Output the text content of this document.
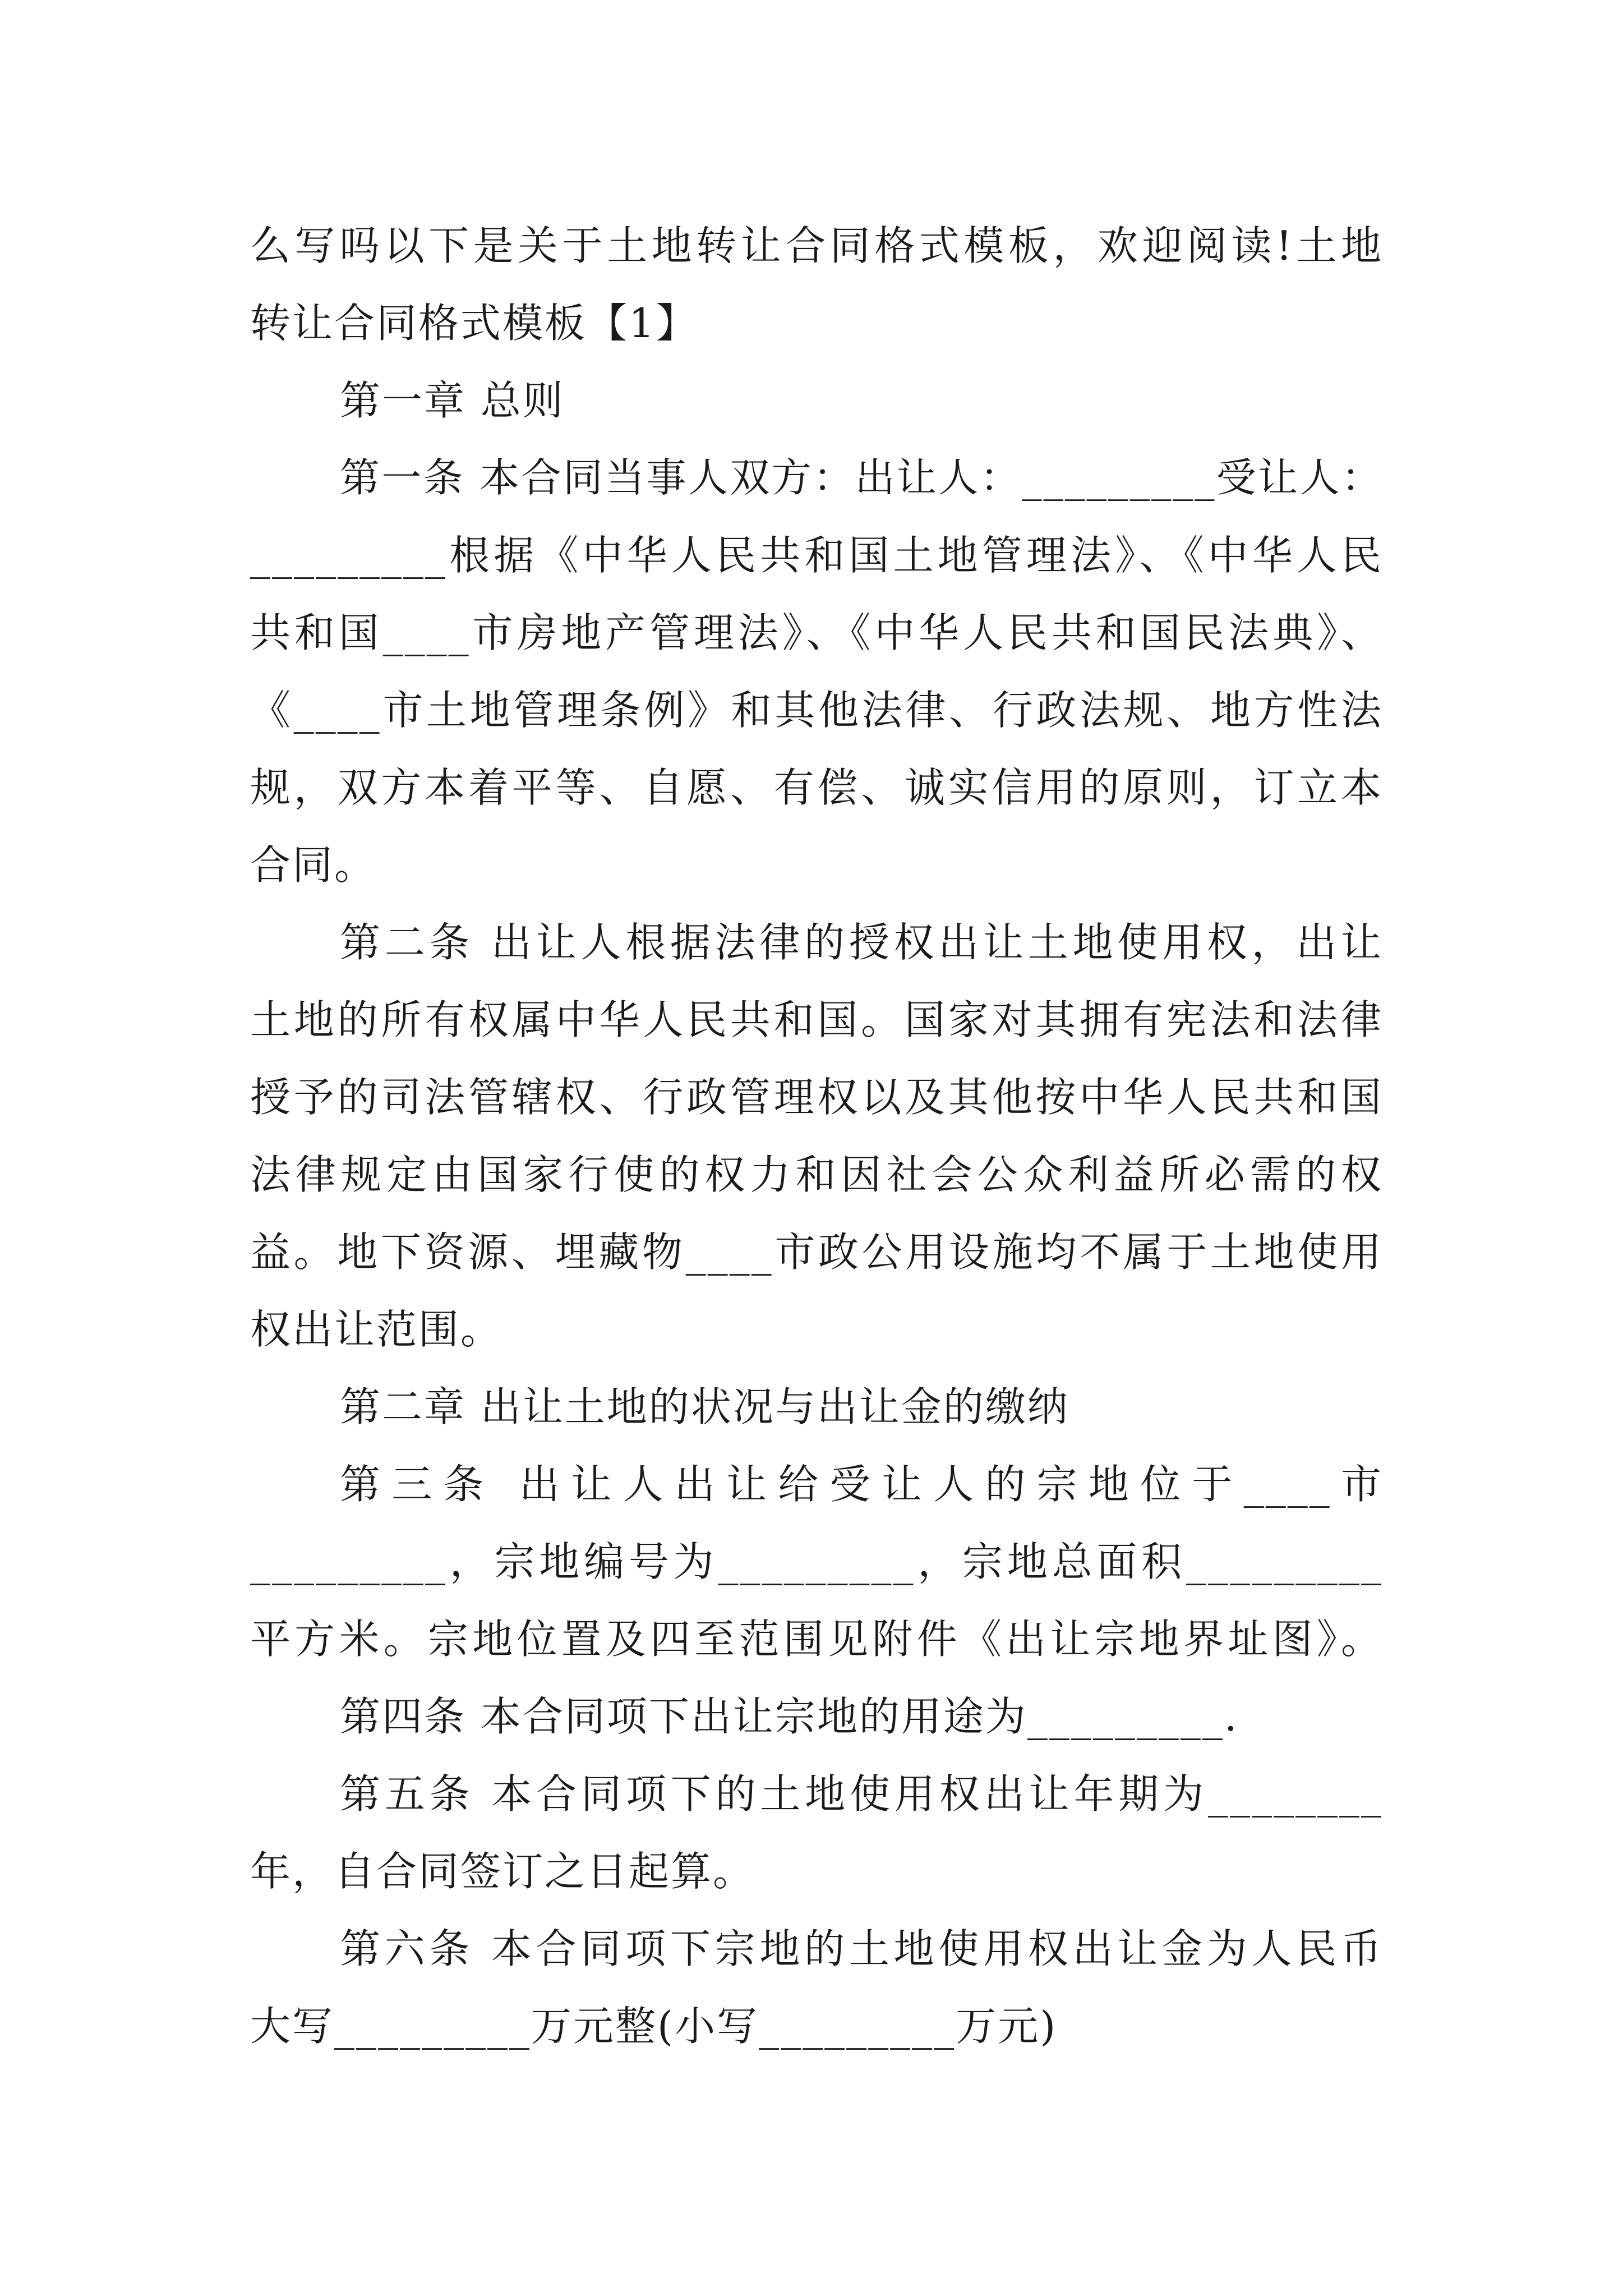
么写吗以下是关于土地转让合同格式模板，欢迎阅读!土地
转让合同格式模板【1】
第一章 总则
第一条 本合同当事人双方：出让人：_________受让人：
_________根据《中华人民共和国土地管理法》、《中华人民
共和国____市房地产管理法》、《中华人民共和国民法典》、
《____市土地管理条例》和其他法律、行政法规、地方性法
规，双方本着平等、自愿、有偿、诚实信用的原则，订立本
合同。
第二条 出让人根据法律的授权出让土地使用权，出让
土地的所有权属中华人民共和国。国家对其拥有宪法和法律
授予的司法管辖权、行政管理权以及其他按中华人民共和国
法律规定由国家行使的权力和因社会公众利益所必需的权
益。地下资源、埋藏物____市政公用设施均不属于土地使用
权出让范围。
第二章 出让土地的状况与出让金的缴纳
第三条 出让人出让给受让人的宗地位于____市
_________，宗地编号为_________，宗地总面积_________
平方米。宗地位置及四至范围见附件《出让宗地界址图》。
第四条 本合同项下出让宗地的用途为_________.
第五条 本合同项下的土地使用权出让年期为________
年，自合同签订之日起算。
第六条 本合同项下宗地的土地使用权出让金为人民币
大写_________万元整(小写_________万元)
